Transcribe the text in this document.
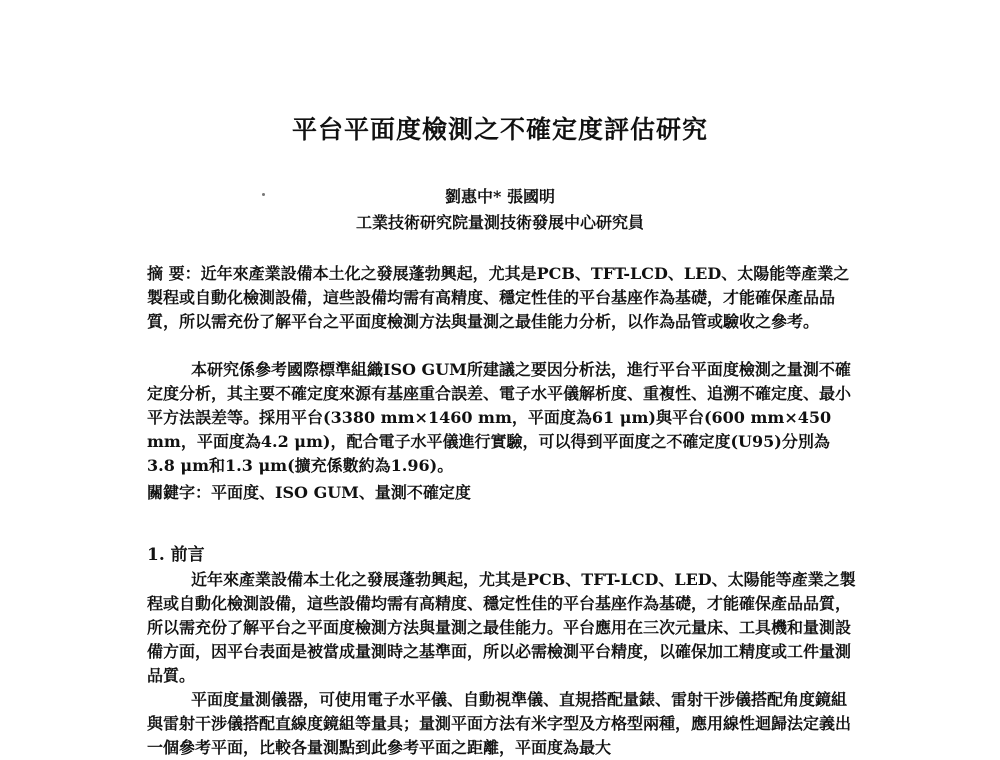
平台平面度檢測之不確定度評估研究
劉惠中* 張國明
工業技術研究院量測技術發展中心研究員
摘 要：近年來產業設備本土化之發展蓬勃興起，尤其是PCB、TFT-LCD、LED、太陽能等產業之製程或自動化檢測設備，這些設備均需有高精度、穩定性佳的平台基座作為基礎，才能確保產品品質，所以需充份了解平台之平面度檢測方法與量測之最佳能力分析，以作為品管或驗收之參考。
本研究係參考國際標準組織ISO GUM所建議之要因分析法，進行平台平面度檢測之量測不確定度分析，其主要不確定度來源有基座重合誤差、電子水平儀解析度、重複性、追溯不確定度、最小平方法誤差等。採用平台(3380 mm×1460 mm，平面度為61 μm)與平台(600 mm×450 mm，平面度為4.2 μm)，配合電子水平儀進行實驗，可以得到平面度之不確定度(U95)分別為3.8 μm和1.3 μm(擴充係數約為1.96)。
關鍵字：平面度、ISO GUM、量測不確定度
1. 前言
近年來產業設備本土化之發展蓬勃興起，尤其是PCB、TFT-LCD、LED、太陽能等產業之製程或自動化檢測設備，這些設備均需有高精度、穩定性佳的平台基座作為基礎，才能確保產品品質，所以需充份了解平台之平面度檢測方法與量測之最佳能力。平台應用在三次元量床、工具機和量測設備方面，因平台表面是被當成量測時之基準面，所以必需檢測平台精度，以確保加工精度或工件量測品質。
平面度量測儀器，可使用電子水平儀、自動視準儀、直規搭配量錶、雷射干涉儀搭配角度鏡組與雷射干涉儀搭配直線度鏡組等量具；量測平面方法有米字型及方格型兩種，應用線性迴歸法定義出一個參考平面，比較各量測點到此參考平面之距離，平面度為最大
